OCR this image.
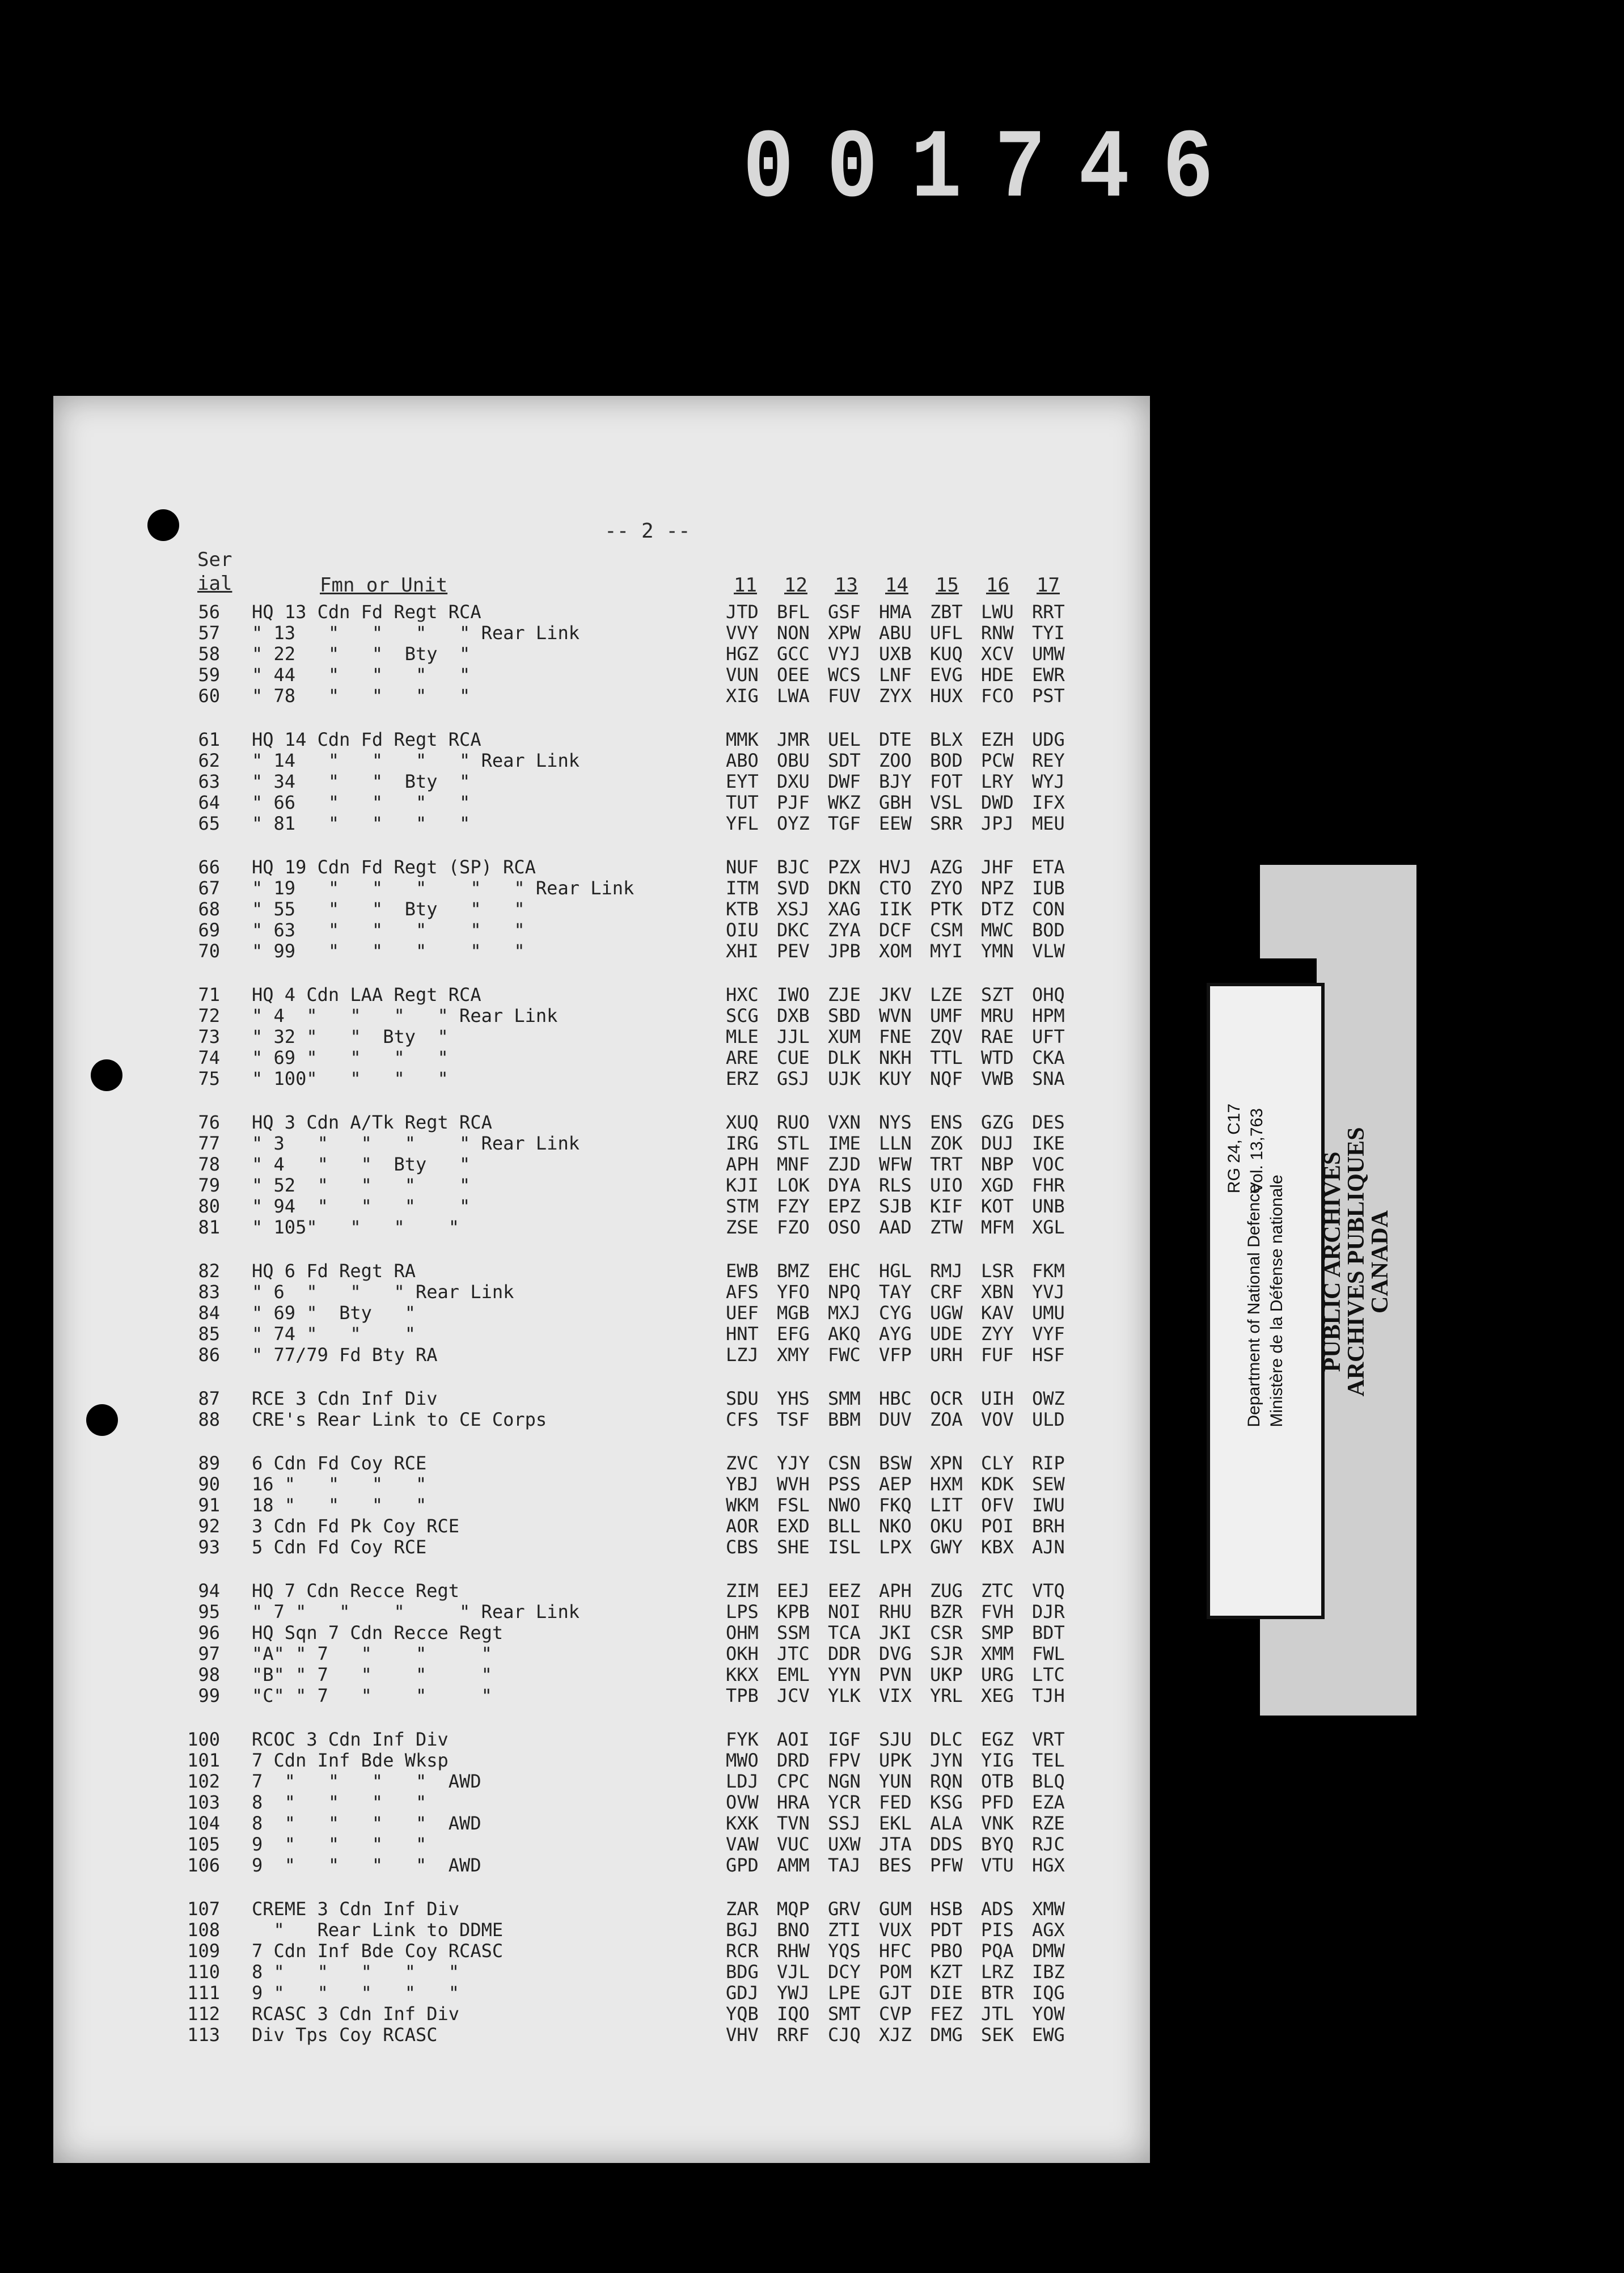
001746
-- 2 --
Ser
ial	Fmn or Unit	11 12 13 14 15 16 17
56 HQ 13 Cdn Fd Regt RCA	JTD BFL GSF HMA ZBT LWU RRT
57 " 13   "   "   "   " Rear Link	VVY NON XPW ABU UFL RNW TYI
58 " 22   "   "  Bty  "	HGZ GCC VYJ UXB KUQ XCV UMW
59 " 44   "   "   "   "	VUN OEE WCS LNF EVG HDE EWR
60 " 78   "   "   "   "	XIG LWA FUV ZYX HUX FCO PST
61 HQ 14 Cdn Fd Regt RCA	MMK JMR UEL DTE BLX EZH UDG
62 " 14   "   "   "   " Rear Link	ABO OBU SDT ZOO BOD PCW REY
63 " 34   "   "  Bty  "	EYT DXU DWF BJY FOT LRY WYJ
64 " 66   "   "   "   "	TUT PJF WKZ GBH VSL DWD IFX
65 " 81   "   "   "   "	YFL OYZ TGF EEW SRR JPJ MEU
66 HQ 19 Cdn Fd Regt (SP) RCA	NUF BJC PZX HVJ AZG JHF ETA
67 " 19   "   "   "    "   " Rear Link	ITM SVD DKN CTO ZYO NPZ IUB
68 " 55   "   "  Bty   "   "	KTB XSJ XAG IIK PTK DTZ CON
69 " 63   "   "   "    "   "	OIU DKC ZYA DCF CSM MWC BOD
70 " 99   "   "   "    "   "	XHI PEV JPB XOM MYI YMN VLW
71 HQ 4 Cdn LAA Regt RCA	HXC IWO ZJE JKV LZE SZT OHQ
72 " 4  "   "   "   " Rear Link	SCG DXB SBD WVN UMF MRU HPM
73 " 32 "   "  Bty  "	MLE JJL XUM FNE ZQV RAE UFT
74 " 69 "   "   "   "	ARE CUE DLK NKH TTL WTD CKA
75 " 100"   "   "   "	ERZ GSJ UJK KUY NQF VWB SNA
76 HQ 3 Cdn A/Tk Regt RCA	XUQ RUO VXN NYS ENS GZG DES
77 " 3   "   "   "    " Rear Link	IRG STL IME LLN ZOK DUJ IKE
78 " 4   "   "  Bty   "	APH MNF ZJD WFW TRT NBP VOC
79 " 52  "   "   "    "	KJI LOK DYA RLS UIO XGD FHR
80 " 94  "   "   "    "	STM FZY EPZ SJB KIF KOT UNB
81 " 105"   "   "    "	ZSE FZO OSO AAD ZTW MFM XGL
82 HQ 6 Fd Regt RA	EWB BMZ EHC HGL RMJ LSR FKM
83 " 6  "   "   " Rear Link	AFS YFO NPQ TAY CRF XBN YVJ
84 " 69 "  Bty   "	UEF MGB MXJ CYG UGW KAV UMU
85 " 74 "   "    "	HNT EFG AKQ AYG UDE ZYY VYF
86 " 77/79 Fd Bty RA	LZJ XMY FWC VFP URH FUF HSF
87 RCE 3 Cdn Inf Div	SDU YHS SMM HBC OCR UIH OWZ
88 CRE's Rear Link to CE Corps	CFS TSF BBM DUV ZOA VOV ULD
89 6 Cdn Fd Coy RCE	ZVC YJY CSN BSW XPN CLY RIP
90 16 "   "   "   "	YBJ WVH PSS AEP HXM KDK SEW
91 18 "   "   "   "	WKM FSL NWO FKQ LIT OFV IWU
92 3 Cdn Fd Pk Coy RCE	AOR EXD BLL NKO OKU POI BRH
93 5 Cdn Fd Coy RCE	CBS SHE ISL LPX GWY KBX AJN
94 HQ 7 Cdn Recce Regt	ZIM EEJ EEZ APH ZUG ZTC VTQ
95 " 7 "   "    "     " Rear Link	LPS KPB NOI RHU BZR FVH DJR
96 HQ Sqn 7 Cdn Recce Regt	OHM SSM TCA JKI CSR SMP BDT
97 "A" " 7   "    "     "	OKH JTC DDR DVG SJR XMM FWL
98 "B" " 7   "    "     "	KKX EML YYN PVN UKP URG LTC
99 "C" " 7   "    "     "	TPB JCV YLK VIX YRL XEG TJH
100 RCOC 3 Cdn Inf Div	FYK AOI IGF SJU DLC EGZ VRT
101 7 Cdn Inf Bde Wksp	MWO DRD FPV UPK JYN YIG TEL
102 7  "   "   "   "  AWD	LDJ CPC NGN YUN RQN OTB BLQ
103 8  "   "   "   "	OVW HRA YCR FED KSG PFD EZA
104 8  "   "   "   "  AWD	KXK TVN SSJ EKL ALA VNK RZE
105 9  "   "   "   "	VAW VUC UXW JTA DDS BYQ RJC
106 9  "   "   "   "  AWD	GPD AMM TAJ BES PFW VTU HGX
107 CREME 3 Cdn Inf Div	ZAR MQP GRV GUM HSB ADS XMW
108 "   Rear Link to DDME	BGJ BNO ZTI VUX PDT PIS AGX
109 7 Cdn Inf Bde Coy RCASC	RCR RHW YQS HFC PBO PQA DMW
110 8 "   "   "   "   "	BDG VJL DCY POM KZT LRZ IBZ
111 9 "   "   "   "   "	GDJ YWJ LPE GJT DIE BTR IQG
112 RCASC 3 Cdn Inf Div	YQB IQO SMT CVP FEZ JTL YOW
113 Div Tps Coy RCASC	VHV RRF CJQ XJZ DMG SEK EWG
Department of National Defence Ministère de la Défense nationale
RG 24, C17 Vol. 13,763
PUBLIC ARCHIVES
ARCHIVES PUBLIQUES
CANADA
